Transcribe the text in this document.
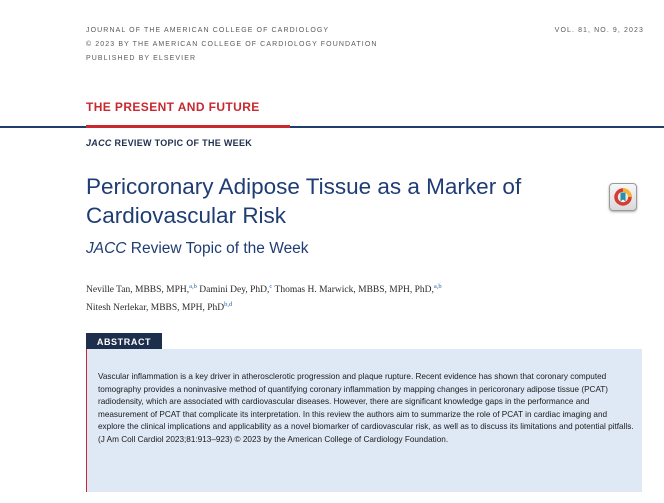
JOURNAL OF THE AMERICAN COLLEGE OF CARDIOLOGY
© 2023 BY THE AMERICAN COLLEGE OF CARDIOLOGY FOUNDATION
PUBLISHED BY ELSEVIER
VOL. 81, NO. 9, 2023
THE PRESENT AND FUTURE
JACC REVIEW TOPIC OF THE WEEK
Pericoronary Adipose Tissue as a Marker of Cardiovascular Risk
JACC Review Topic of the Week
Neville Tan, MBBS, MPH,$^{a,b}$ Damini Dey, PhD,$^c$ Thomas H. Marwick, MBBS, MPH, PhD,$^{a,b}$
Nitesh Nerlekar, MBBS, MPH, PhD$^{b,d}$
ABSTRACT

Vascular inflammation is a key driver in atherosclerotic progression and plaque rupture. Recent evidence has shown that coronary computed tomography provides a noninvasive method of quantifying coronary inflammation by mapping changes in pericoronary adipose tissue (PCAT) radiodensity, which are associated with cardiovascular diseases. However, there are significant knowledge gaps in the performance and measurement of PCAT that complicate its interpretation. In this review the authors aim to summarize the role of PCAT in cardiac imaging and explore the clinical implications and applicability as a novel biomarker of cardiovascular risk, as well as to discuss its limitations and potential pitfalls. (J Am Coll Cardiol 2023;81:913–923) © 2023 by the American College of Cardiology Foundation.
